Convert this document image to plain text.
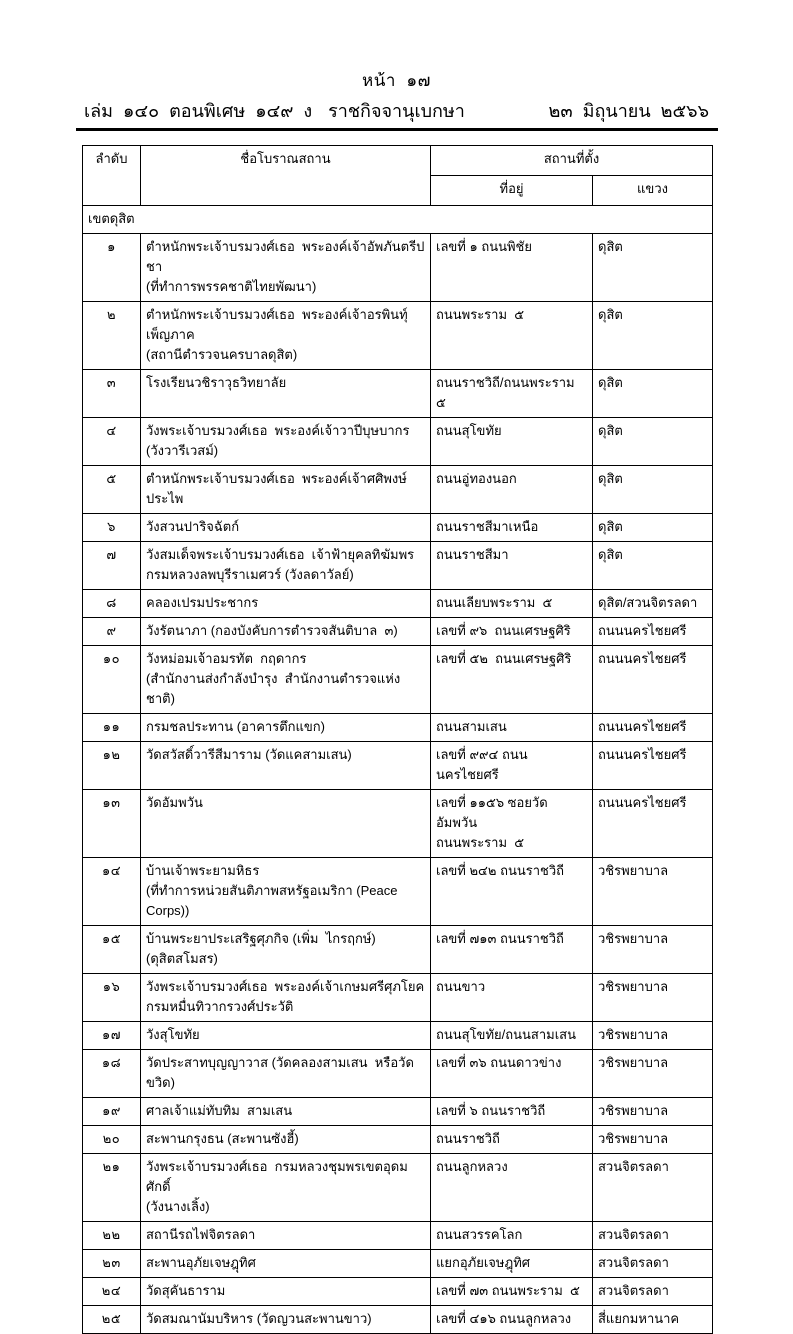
หน้า  ๑๗

เล่ม  ๑๔๐  ตอนพิเศษ  ๑๔๙  ง

ราชกิจจานุเบกษา

	๒๓  มิถุนายน  ๒๕๖๖

ลำดับ	ชื่อโบราณสถาน	สถานที่ตั้ง	
		ที่อยู่	แขวง
เขตดุสิต			
๑	ตำหนักพระเจ้าบรมวงศ์เธอ  พระองค์เจ้าอัพภันตรีปชา
(ที่ทำการพรรคชาติไทยพัฒนา)	เลขที่ ๑ ถนนพิชัย	ดุสิต
๒	ตำหนักพระเจ้าบรมวงศ์เธอ  พระองค์เจ้าอรพินทุ์เพ็ญภาค
(สถานีตำรวจนครบาลดุสิต)	ถนนพระราม  ๕	ดุสิต
๓	โรงเรียนวชิราวุธวิทยาลัย	ถนนราชวิถี/ถนนพระราม  ๕	ดุสิต
๔	วังพระเจ้าบรมวงศ์เธอ  พระองค์เจ้าวาปีบุษบากร
(วังวารีเวสม์)	ถนนสุโขทัย	ดุสิต
๕	ตำหนักพระเจ้าบรมวงศ์เธอ  พระองค์เจ้าศศิพงษ์ประไพ	ถนนอู่ทองนอก	ดุสิต
๖	วังสวนปาริจฉัตก์	ถนนราชสีมาเหนือ	ดุสิต
๗	วังสมเด็จพระเจ้าบรมวงศ์เธอ  เจ้าฟ้ายุคลทิฆัมพร
กรมหลวงลพบุรีราเมศวร์ (วังลดาวัลย์)	ถนนราชสีมา	ดุสิต
๘	คลองเปรมประชากร	ถนนเลียบพระราม  ๕	ดุสิต/สวนจิตรลดา
๙	วังรัตนาภา (กองบังคับการตำรวจสันติบาล  ๓)	เลขที่ ๙๖  ถนนเศรษฐศิริ	ถนนนครไชยศรี
๑๐	วังหม่อมเจ้าอมรทัต  กฤดากร
(สำนักงานส่งกำลังบำรุง  สำนักงานตำรวจแห่งชาติ)	เลขที่ ๕๒  ถนนเศรษฐศิริ	ถนนนครไชยศรี
๑๑	กรมชลประทาน (อาคารตึกแขก)	ถนนสามเสน	ถนนนครไชยศรี
๑๒	วัดสวัสดิ์วารีสีมาราม (วัดแคสามเสน)	เลขที่ ๙๙๔ ถนนนครไชยศรี	ถนนนครไชยศรี
๑๓	วัดอัมพวัน	เลขที่ ๑๑๕๖ ซอยวัดอัมพวัน
ถนนพระราม  ๕	ถนนนครไชยศรี
๑๔	บ้านเจ้าพระยามหิธร
(ที่ทำการหน่วยสันติภาพสหรัฐอเมริกา (Peace  Corps))	เลขที่ ๒๔๒ ถนนราชวิถี	วชิรพยาบาล
๑๕	บ้านพระยาประเสริฐศุภกิจ (เพิ่ม  ไกรฤกษ์)
(ดุสิตสโมสร)	เลขที่ ๗๑๓ ถนนราชวิถี	วชิรพยาบาล
๑๖	วังพระเจ้าบรมวงศ์เธอ  พระองค์เจ้าเกษมศรีศุภโยค
กรมหมื่นทิวากรวงศ์ประวัติ	ถนนขาว	วชิรพยาบาล
๑๗	วังสุโขทัย	ถนนสุโขทัย/ถนนสามเสน	วชิรพยาบาล
๑๘	วัดประสาทบุญญาวาส (วัดคลองสามเสน  หรือวัดขวิด)	เลขที่ ๓๖ ถนนดาวข่าง	วชิรพยาบาล
๑๙	ศาลเจ้าแม่ทับทิม  สามเสน	เลขที่ ๖ ถนนราชวิถี	วชิรพยาบาล
๒๐	สะพานกรุงธน (สะพานซังฮี้)	ถนนราชวิถี	วชิรพยาบาล
๒๑	วังพระเจ้าบรมวงศ์เธอ  กรมหลวงชุมพรเขตอุดมศักดิ์
(วังนางเลิ้ง)	ถนนลูกหลวง	สวนจิตรลดา
๒๒	สถานีรถไฟจิตรลดา	ถนนสวรรคโลก	สวนจิตรลดา
๒๓	สะพานอุภัยเจษฎุทิศ	แยกอุภัยเจษฎุทิศ	สวนจิตรลดา
๒๔	วัดสุคันธาราม	เลขที่ ๗๓ ถนนพระราม  ๕	สวนจิตรลดา
๒๕	วัดสมณานัมบริหาร (วัดญวนสะพานขาว)	เลขที่ ๔๑๖ ถนนลูกหลวง	สี่แยกมหานาค
